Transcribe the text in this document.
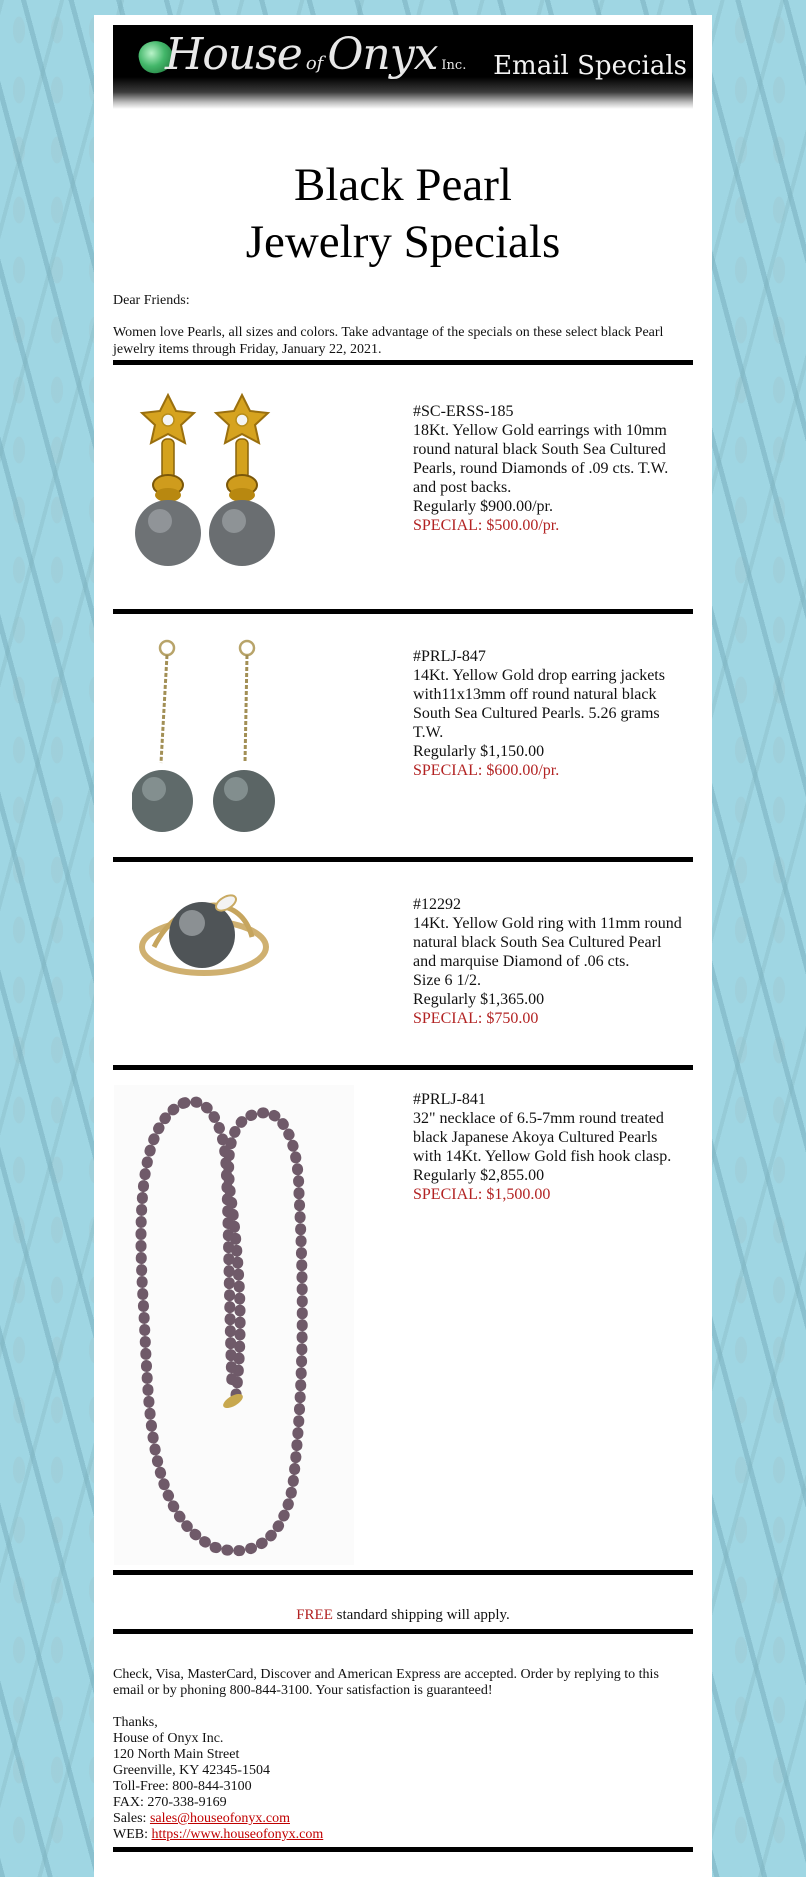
House ofOnyx Inc. Email Specials
Black Pearl
Jewelry Specials
Dear Friends:
Women love Pearls, all sizes and colors. Take advantage of the specials on these select black Pearl jewelry items through Friday, January 22, 2021.
#SC-ERSS-185
18Kt. Yellow Gold earrings with 10mm round natural black South Sea Cultured Pearls, round Diamonds of .09 cts. T.W. and post backs.
Regularly $900.00/pr.
SPECIAL: $500.00/pr.
#PRLJ-847
14Kt. Yellow Gold drop earring jackets with11x13mm off round natural black South Sea Cultured Pearls. 5.26 grams T.W.
Regularly $1,150.00
SPECIAL: $600.00/pr.
#12292
14Kt. Yellow Gold ring with 11mm round natural black South Sea Cultured Pearl and marquise Diamond of .06 cts.
Size 6 1/2.
Regularly $1,365.00
SPECIAL: $750.00
#PRLJ-841
32" necklace of 6.5-7mm round treated black Japanese Akoya Cultured Pearls with 14Kt. Yellow Gold fish hook clasp.
Regularly $2,855.00
SPECIAL: $1,500.00
FREE standard shipping will apply.
Check, Visa, MasterCard, Discover and American Express are accepted. Order by replying to this email or by phoning 800-844-3100. Your satisfaction is guaranteed!
Thanks,
House of Onyx Inc.
120 North Main Street
Greenville, KY 42345-1504
Toll-Free: 800-844-3100
FAX: 270-338-9169
Sales: sales@houseofonyx.com
WEB: https://www.houseofonyx.com
